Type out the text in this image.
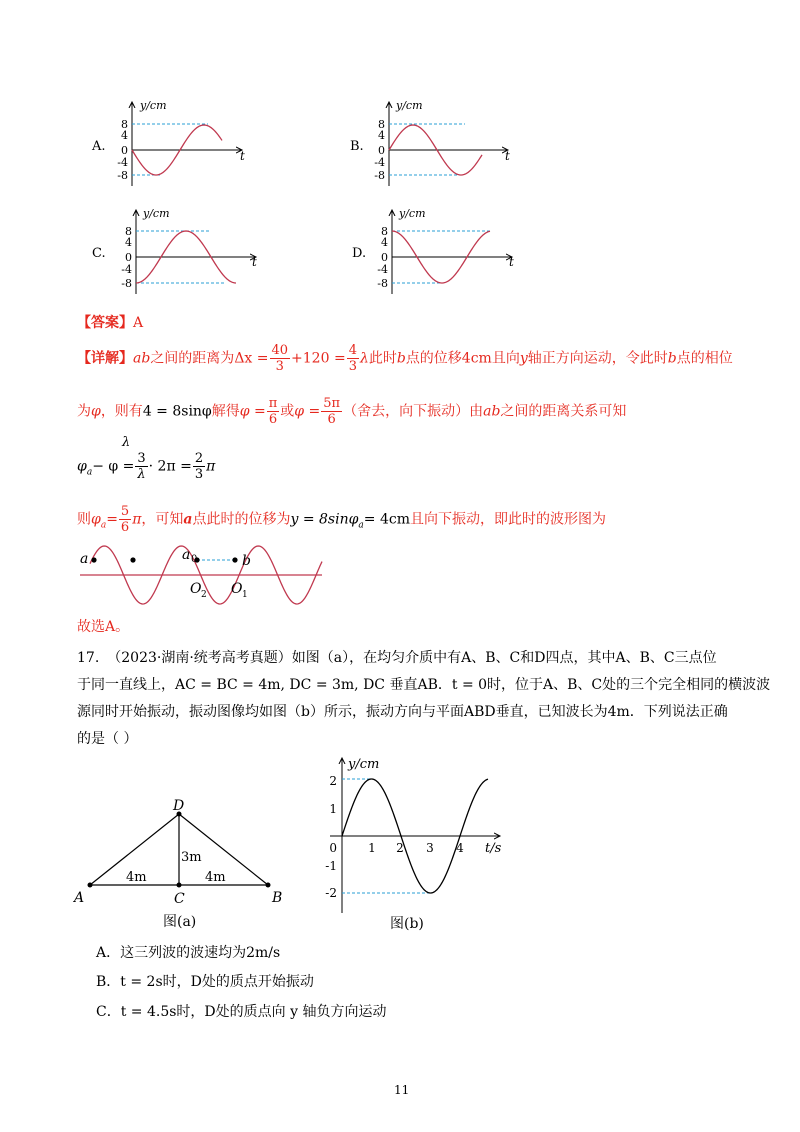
A.
y/cm
t
8
4
0
-4
-8
B.
y/cm
t
8
4
0
-4
-8
C.
y/cm
t
8
4
0
-4
-8
D.
y/cm
t
8
4
0
-4
-8
【答案】A
【详解】ab之间的距离为$\Delta x = \frac{40}{3} +120 = \frac{4}{3}$ λ此时b点的位移4cm且向y轴正方向运动，令此时b点的相位
为φ，则有4 = 8sinφ解得$\varphi = \frac{\pi}{6}$ 或$\varphi = \frac{5\pi}{6}$ （舍去，向下振动）由ab之间的距离关系可知
λ
$\varphi_a- \varphi = \frac{3}{\lambda} \cdot 2\pi = \frac{2}{3}$ π
则$\varphi_a= \frac{5}{6}$ π，可知a点此时的位移为y = 8sinφ$_a$= 4cm且向下振动，即此时的波形图为
a	a 0	b
O 2 O 1
故选A。
17. （2023·湖南·统考高考真题）如图（a），在均匀介质中有A、B、C和D四点，其中A、B、C三点位
于同一直线上，AC = BC = 4m, DC = 3m, DC 垂直AB．t = 0时，位于A、B、C处的三个完全相同的横波波
源同时开始振动，振动图像均如图（b）所示，振动方向与平面ABD垂直，已知波长为4m．下列说法正确
的是（ ）
A	B
C
D
4m	4m
3m
图(a)
y/cm
t/s
2
1
0
-1
-2
1 2 3 4
图(b)
A．这三列波的波速均为2m/s
B．t = 2s时，D处的质点开始振动
C．t = 4.5s时，D处的质点向 y 轴负方向运动
11
